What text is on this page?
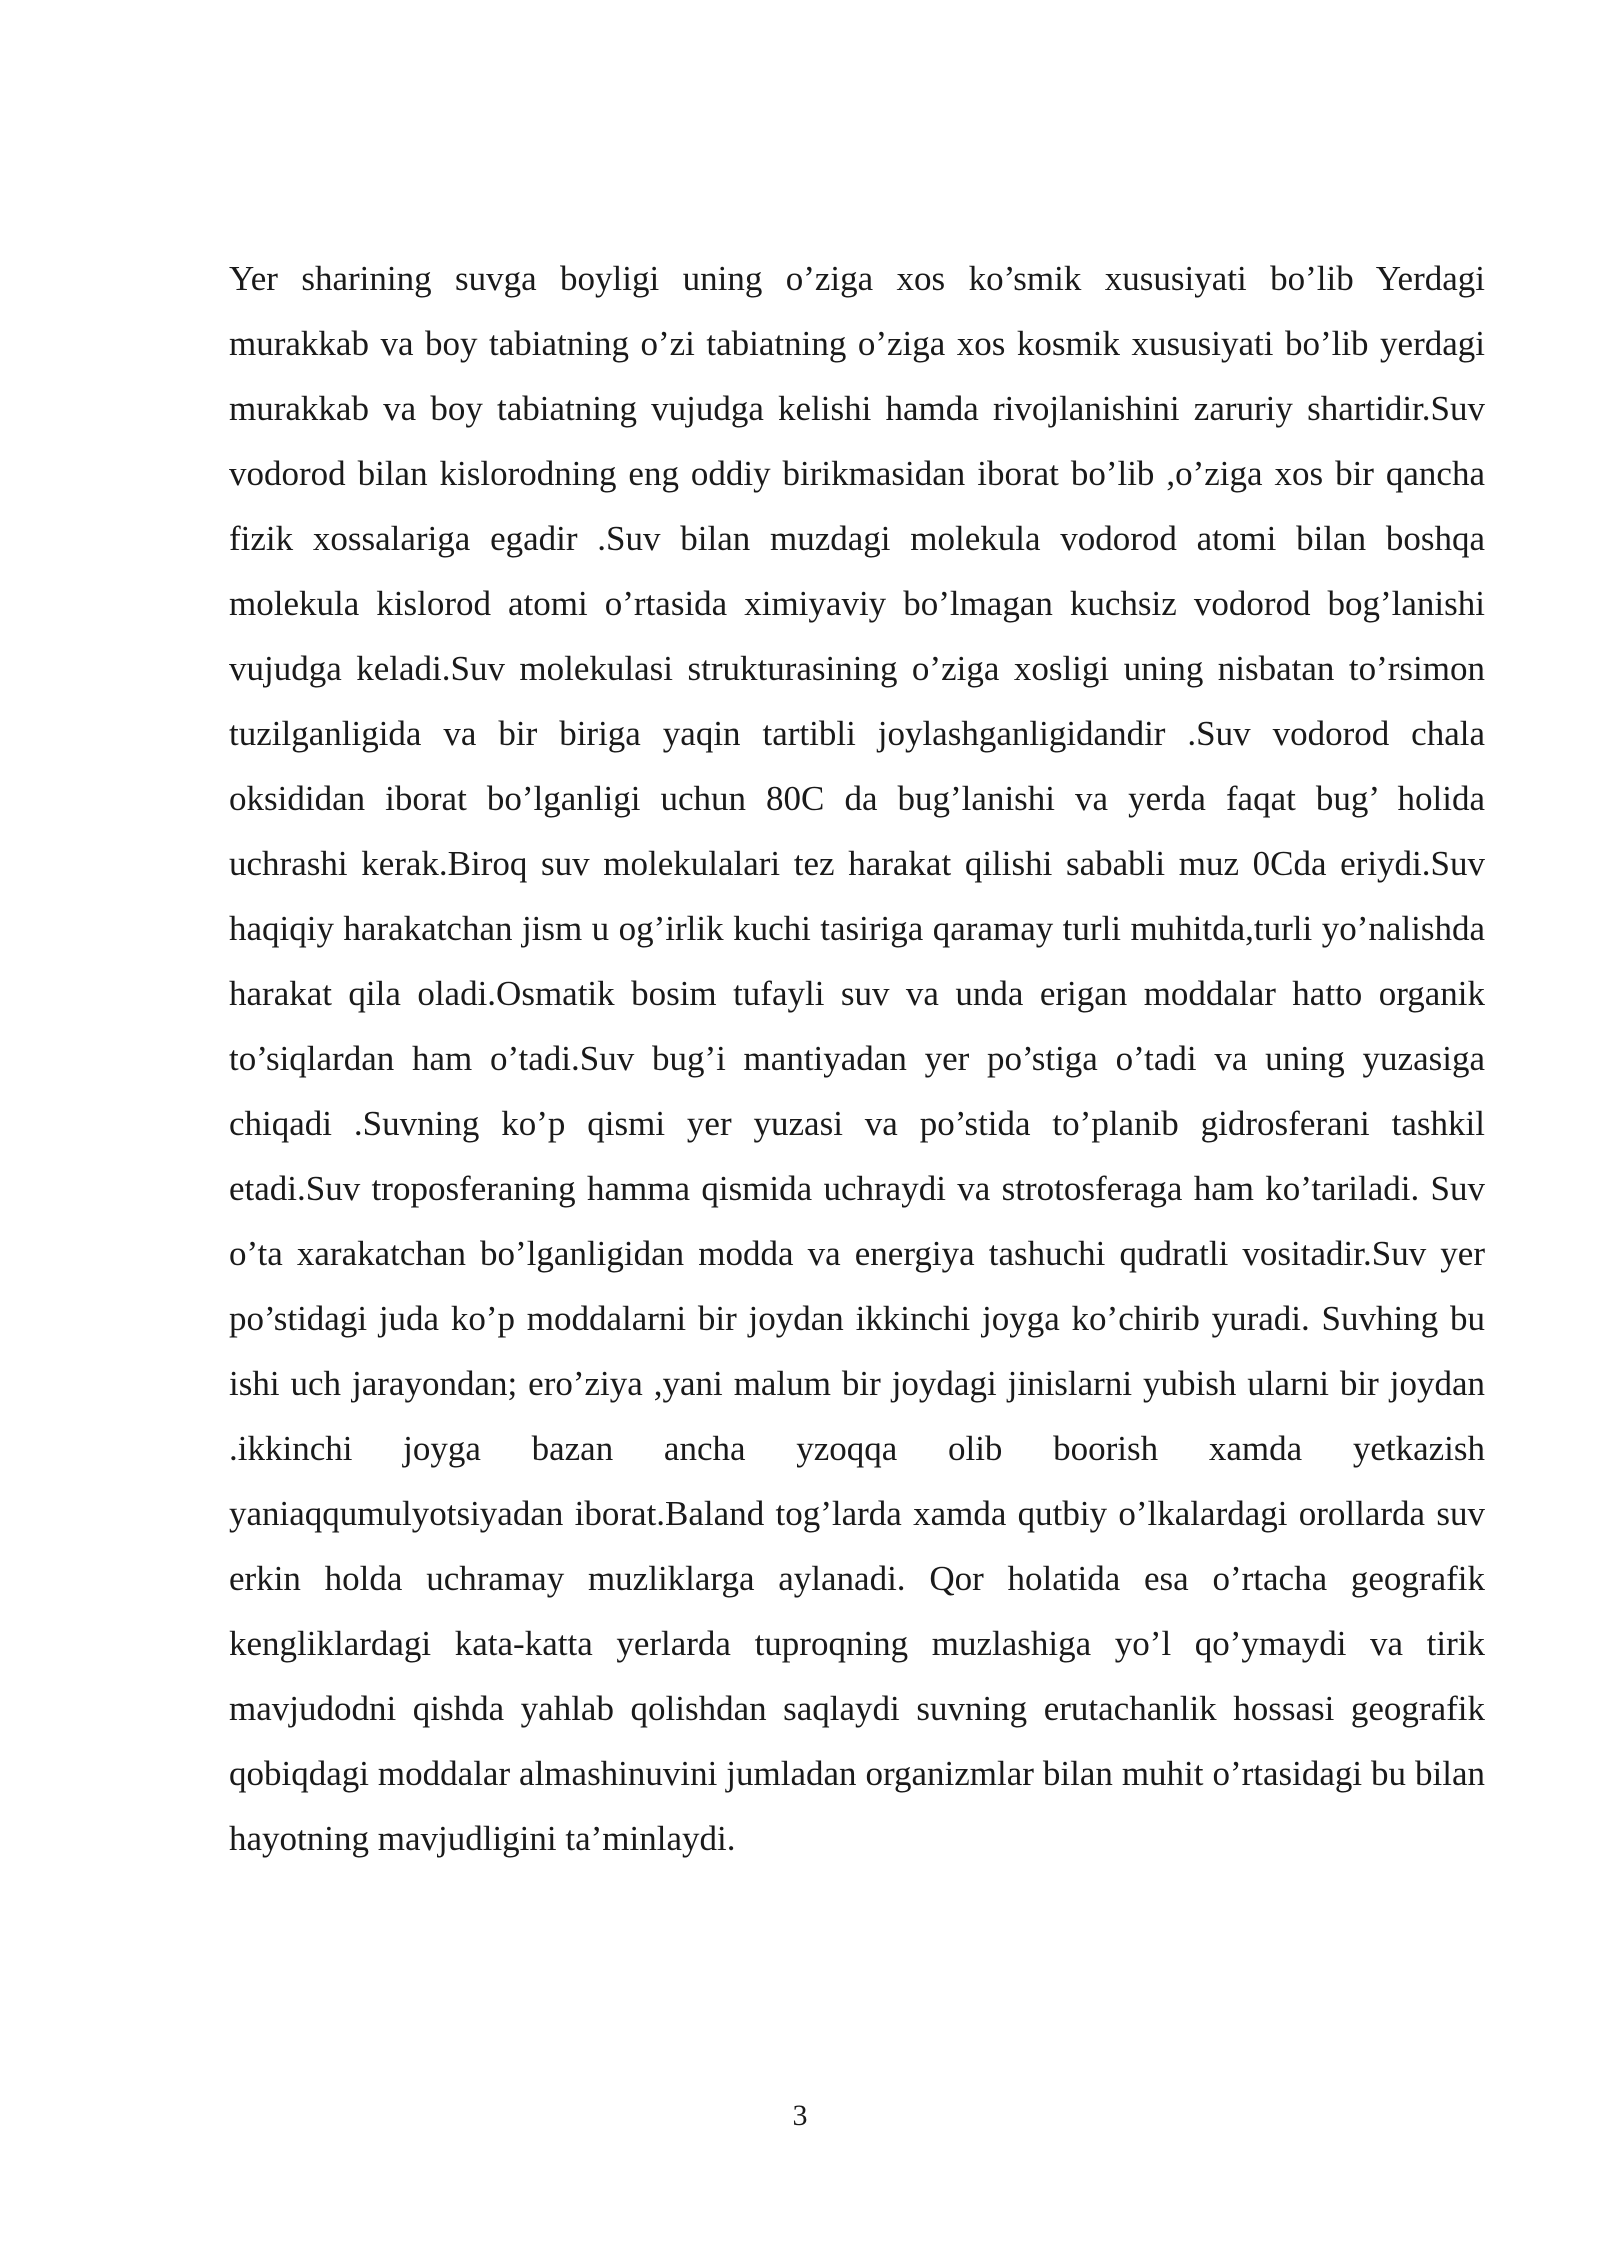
Yer sharining suvga boyligi uning o’ziga xos ko’smik xususiyati bo’lib Yerdagi murakkab va boy tabiatning o’zi tabiatning o’ziga xos kosmik xususiyati bo’lib yerdagi murakkab va boy tabiatning vujudga kelishi hamda rivojlanishini zaruriy shartidir.Suv vodorod bilan kislorodning eng oddiy birikmasidan iborat bo’lib ,o’ziga xos bir qancha fizik xossalariga egadir .Suv bilan muzdagi molekula vodorod atomi bilan boshqa molekula kislorod atomi o’rtasida ximiyaviy bo’lmagan kuchsiz vodorod bog’lanishi vujudga keladi.Suv molekulasi strukturasining o’ziga xosligi uning nisbatan to’rsimon tuzilganligida va bir biriga yaqin tartibli joylashganligidandir .Suv vodorod chala oksididan iborat bo’lganligi uchun 80C da bug’lanishi va yerda faqat bug’ holida uchrashi kerak.Biroq suv molekulalari tez harakat qilishi sababli muz 0Cda eriydi.Suv haqiqiy harakatchan jism u og’irlik kuchi tasiriga qaramay turli muhitda,turli yo’nalishda harakat qila oladi.Osmatik bosim tufayli suv va unda erigan moddalar hatto organik to’siqlardan ham o’tadi.Suv bug’i mantiyadan yer po’stiga o’tadi va uning yuzasiga chiqadi .Suvning ko’p qismi yer yuzasi va po’stida to’planib gidrosferani tashkil etadi.Suv troposferaning hamma qismida uchraydi va strotosferaga ham ko’tariladi. Suv o’ta xarakatchan bo’lganligidan modda va energiya tashuchi qudratli vositadir.Suv yer po’stidagi juda ko’p moddalarni bir joydan ikkinchi joyga ko’chirib yuradi. Suvhing bu ishi uch jarayondan; ero’ziya ,yani malum bir joydagi jinislarni yubish ularni bir joydan .ikkinchi joyga bazan ancha yzoqqa olib boorish xamda yetkazish yaniaqqumulyotsiyadan iborat.Baland tog’larda xamda qutbiy o’lkalardagi orollarda suv erkin holda uchramay muzliklarga aylanadi. Qor holatida esa o’rtacha geografik kengliklardagi kata-katta yerlarda tuproqning muzlashiga yo’l qo’ymaydi va tirik mavjudodni qishda yahlab qolishdan saqlaydi suvning erutachanlik hossasi geografik qobiqdagi moddalar almashinuvini jumladan organizmlar bilan muhit o’rtasidagi bu bilan hayotning mavjudligini ta’minlaydi.

3
